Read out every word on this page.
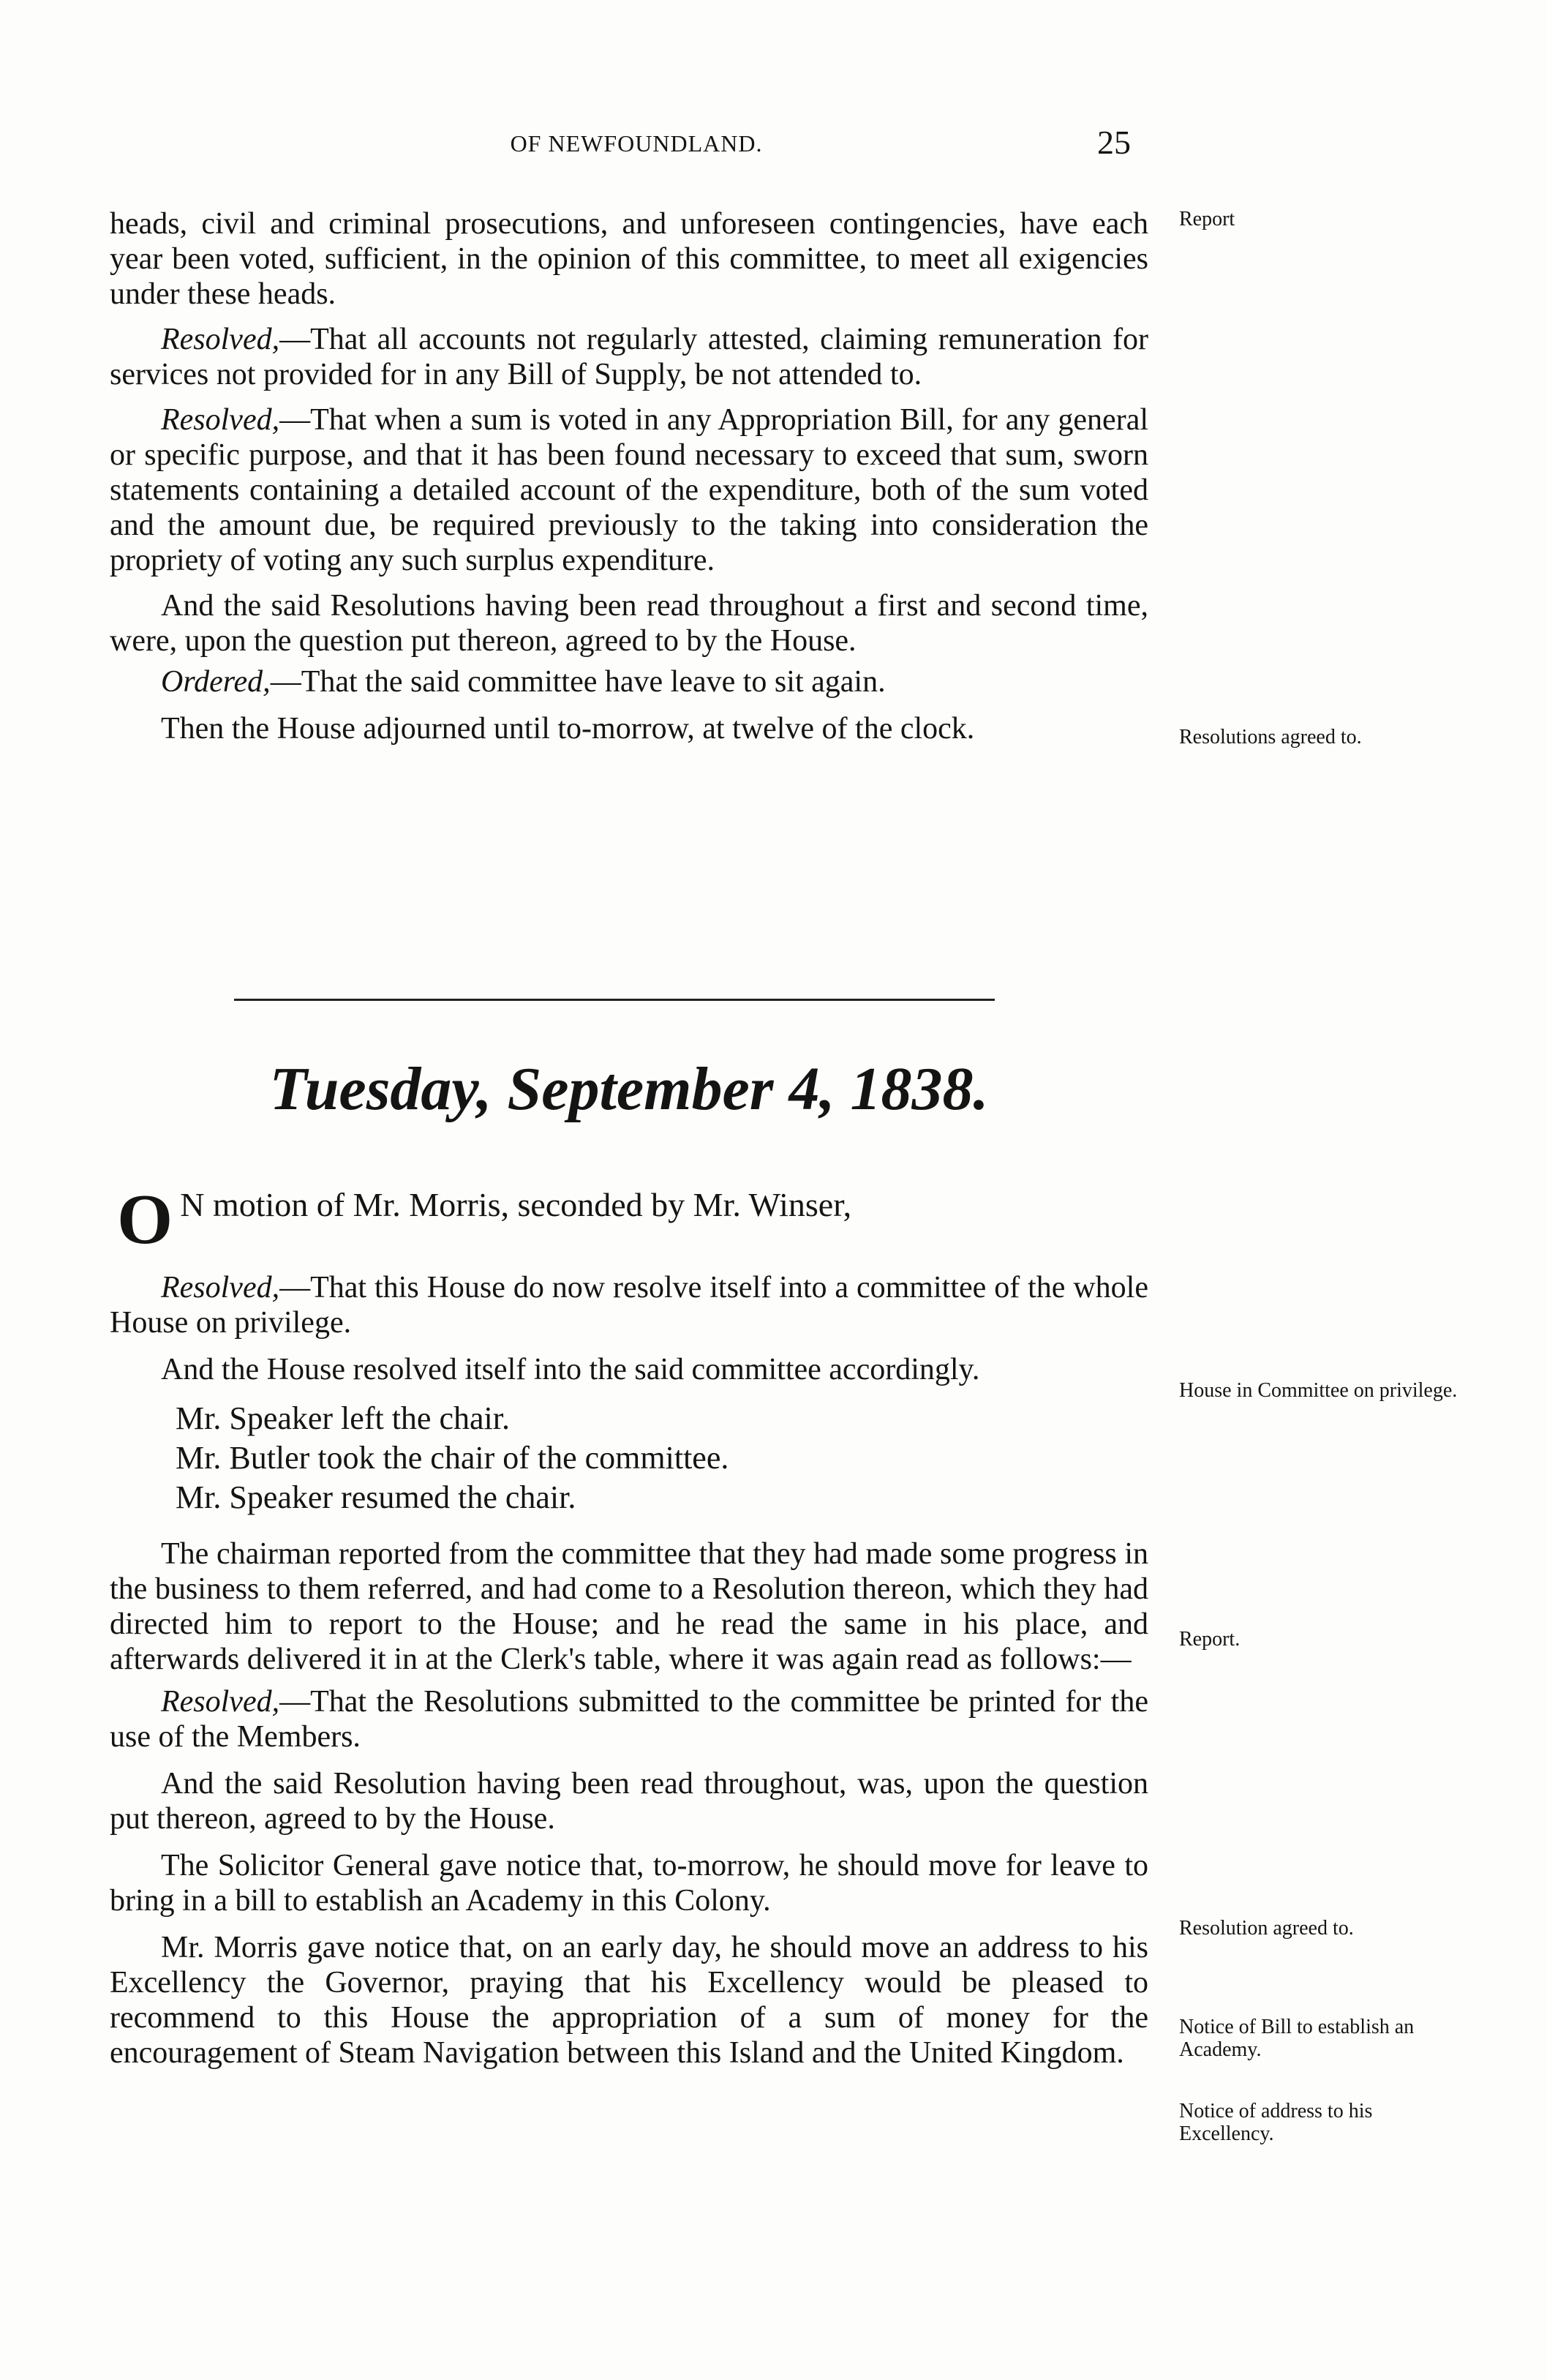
OF NEWFOUNDLAND.	25

heads, civil and criminal prosecutions, and unforeseen contingencies, have each year been voted, sufficient, in the opinion of this committee, to meet all exigencies under these heads.

Resolved,—That all accounts not regularly attested, claiming remuneration for services not provided for in any Bill of Supply, be not attended to.

Resolved,—That when a sum is voted in any Appropriation Bill, for any general or specific purpose, and that it has been found necessary to exceed that sum, sworn statements containing a detailed account of the expenditure, both of the sum voted and the amount due, be required previously to the taking into consideration the propriety of voting any such surplus expenditure.

And the said Resolutions having been read throughout a first and second time, were, upon the question put thereon, agreed to by the House.

Ordered,—That the said committee have leave to sit again.

Then the House adjourned until to-morrow, at twelve of the clock.

Report
Resolutions agreed to.
Tuesday, September 4, 1838.
O N motion of Mr. Morris, seconded by Mr. Winser,

Resolved,—That this House do now resolve itself into a committee of the whole House on privilege.

And the House resolved itself into the said committee accordingly.

Mr. Speaker left the chair.

Mr. Butler took the chair of the committee.

Mr. Speaker resumed the chair.

The chairman reported from the committee that they had made some progress in the business to them referred, and had come to a Resolution thereon, which they had directed him to report to the House; and he read the same in his place, and afterwards delivered it in at the Clerk's table, where it was again read as follows:—

Resolved,—That the Resolutions submitted to the committee be printed for the use of the Members.

And the said Resolution having been read throughout, was, upon the question put thereon, agreed to by the House.

The Solicitor General gave notice that, to-morrow, he should move for leave to bring in a bill to establish an Academy in this Colony.

Mr. Morris gave notice that, on an early day, he should move an address to his Excellency the Governor, praying that his Excellency would be pleased to recommend to this House the appropriation of a sum of money for the encouragement of Steam Navigation between this Island and the United Kingdom.

House in Committee on privilege.
Report.
Resolution agreed to.
Notice of Bill to establish an Academy.
Notice of address to his Excellency.
